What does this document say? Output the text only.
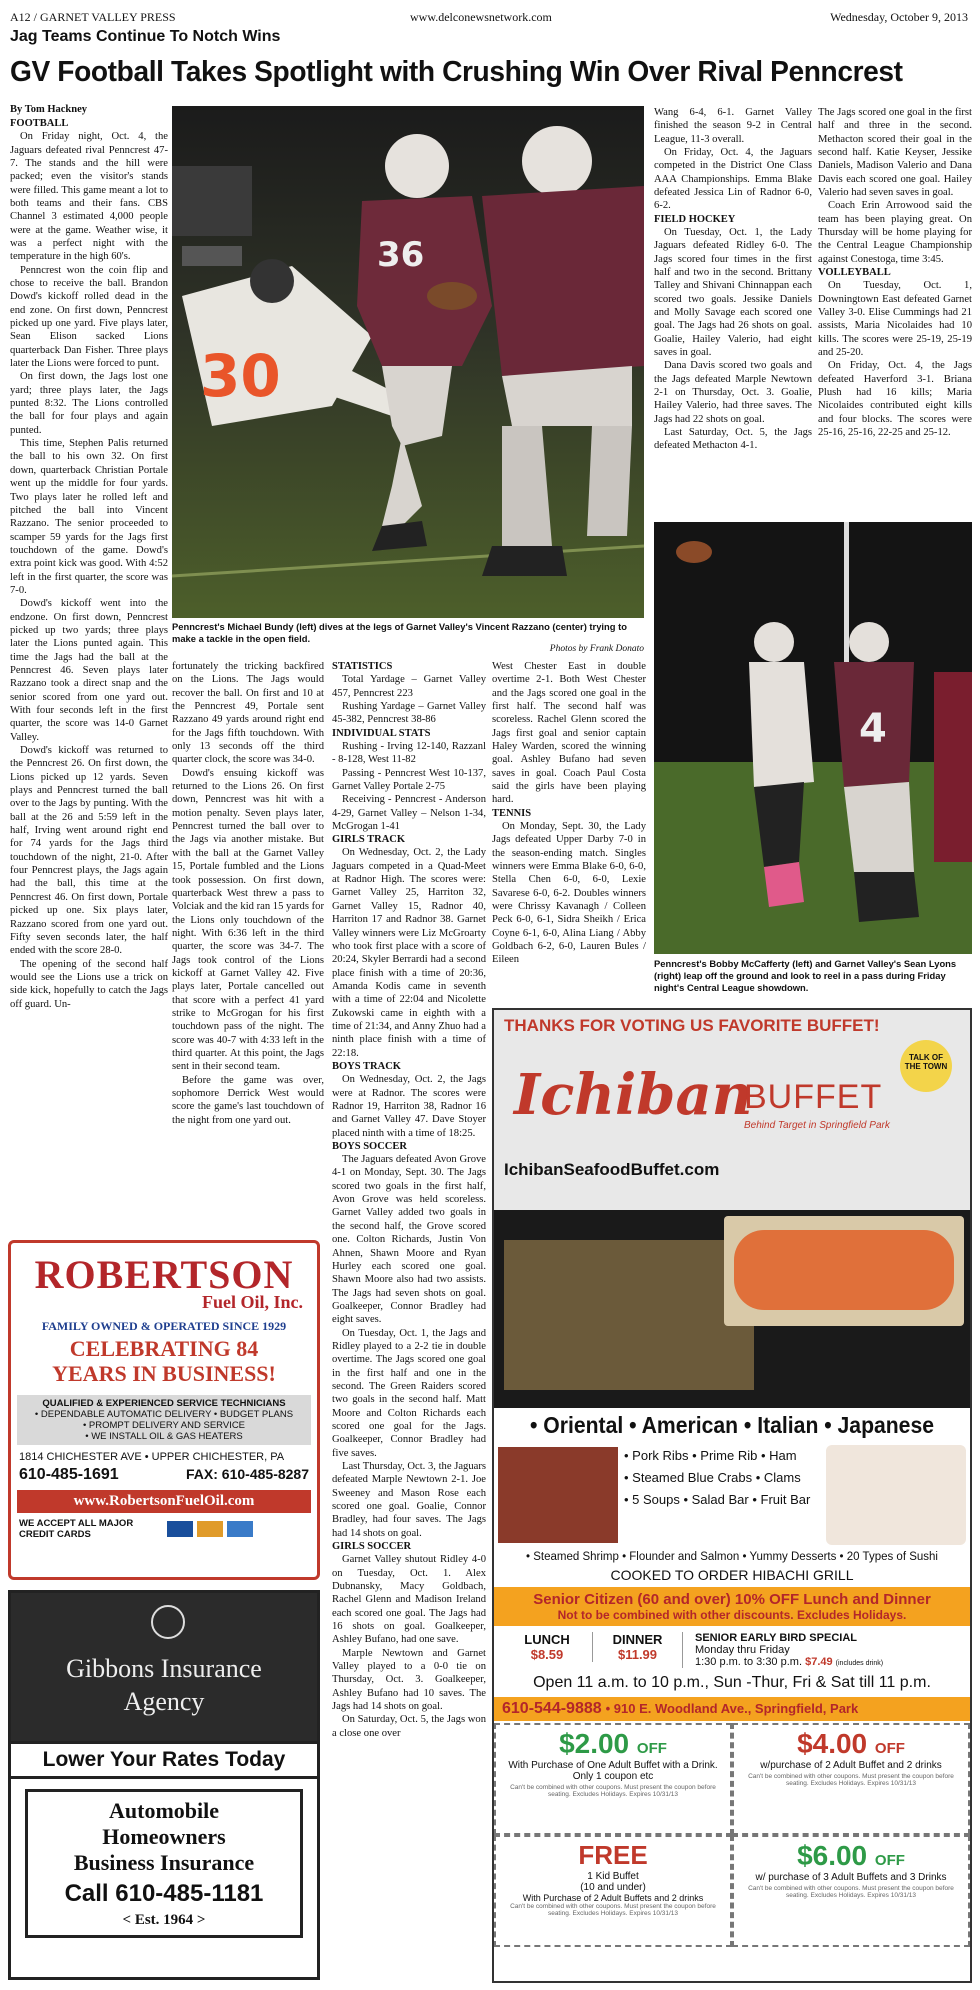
A12 / GARNET VALLEY PRESS	www.delconewsnetwork.com	Wednesday, October 9, 2013
Jag Teams Continue To Notch Wins
GV Football Takes Spotlight with Crushing Win Over Rival Penncrest
By Tom Hackney

FOOTBALL

On Friday night, Oct. 4, the Jaguars defeated rival Penncrest 47-7. The stands and the hill were packed; even the visitor's stands were filled. This game meant a lot to both teams and their fans. CBS Channel 3 estimated 4,000 people were at the game. Weather wise, it was a perfect night with the temperature in the high 60's.

Penncrest won the coin flip and chose to receive the ball. Brandon Dowd's kickoff rolled dead in the end zone. On first down, Penncrest picked up one yard. Five plays later, Sean Elison sacked Lions quarterback Dan Fisher. Three plays later the Lions were forced to punt.

On first down, the Jags lost one yard; three plays later, the Jags punted 8:32. The Lions controlled the ball for four plays and again punted.

This time, Stephen Palis returned the ball to his own 32. On first down, quarterback Christian Portale went up the middle for four yards. Two plays later he rolled left and pitched the ball into Vincent Razzano. The senior proceeded to scamper 59 yards for the Jags first touchdown of the game. Dowd's extra point kick was good. With 4:52 left in the first quarter, the score was 7-0.

Dowd's kickoff went into the endzone. On first down, Penncrest picked up two yards; three plays later the Lions punted again. This time the Jags had the ball at the Penncrest 46. Seven plays later Razzano took a direct snap and the senior scored from one yard out. With four seconds left in the first quarter, the score was 14-0 Garnet Valley.

Dowd's kickoff was returned to the Penncrest 26. On first down, the Lions picked up 12 yards. Seven plays and Penncrest turned the ball over to the Jags by punting. With the ball at the 26 and 5:59 left in the half, Irving went around right end for 74 yards for the Jags third touchdown of the night, 21-0. After four Penncrest plays, the Jags again had the ball, this time at the Penncrest 46. On first down, Portale picked up one. Six plays later, Razzano scored from one yard out. Fifty seven seconds later, the half ended with the score 28-0.

The opening of the second half would see the Lions use a trick on side kick, hopefully to catch the Jags off guard. Un-

30
36
Penncrest's Michael Bundy (left) dives at the legs of Garnet Valley's Vincent Razzano (center) trying to make a tackle in the open field.
Photos by Frank Donato

fortunately the tricking backfired on the Lions. The Jags would recover the ball. On first and 10 at the Penncrest 49, Portale sent Razzano 49 yards around right end for the Jags fifth touchdown. With only 13 seconds off the third quarter clock, the score was 34-0.

Dowd's ensuing kickoff was returned to the Lions 26. On first down, Penncrest was hit with a motion penalty. Seven plays later, Penncrest turned the ball over to the Jags via another mistake. But with the ball at the Garnet Valley 15, Portale fumbled and the Lions took possession. On first down, quarterback West threw a pass to Volciak and the kid ran 15 yards for the Lions only touchdown of the night. With 6:36 left in the third quarter, the score was 34-7. The Jags took control of the Lions kickoff at Garnet Valley 42. Five plays later, Portale cancelled out that score with a perfect 41 yard strike to McGrogan for his first touchdown pass of the night. The score was 40-7 with 4:33 left in the third quarter. At this point, the Jags sent in their second team.

Before the game was over, sophomore Derrick West would score the game's last touchdown of the night from one yard out.

STATISTICS

Total Yardage – Garnet Valley 457, Penncrest 223

Rushing Yardage – Garnet Valley 45-382, Penncrest 38-86

INDIVIDUAL STATS

Rushing - Irving 12-140, Razzanl - 8-128, West 11-82

Passing - Penncrest West 10-137, Garnet Valley Portale 2-75

Receiving - Penncrest - Anderson 4-29, Garnet Valley – Nelson 1-34, McGrogan 1-41

GIRLS TRACK

On Wednesday, Oct. 2, the Lady Jaguars competed in a Quad-Meet at Radnor High. The scores were: Garnet Valley 25, Harriton 32, Garnet Valley 15, Radnor 40, Harriton 17 and Radnor 38. Garnet Valley winners were Liz McGroarty who took first place with a score of 20:24, Skyler Berrardi had a second place finish with a time of 20:36, Amanda Kodis came in seventh with a time of 22:04 and Nicolette Zukowski came in eighth with a time of 21:34, and Anny Zhuo had a ninth place finish with a time of 22:18.

BOYS TRACK

On Wednesday, Oct. 2, the Jags were at Radnor. The scores were Radnor 19, Harriton 38, Radnor 16 and Garnet Valley 47. Dave Stoyer placed ninth with a time of 18:25.

BOYS SOCCER

The Jaguars defeated Avon Grove 4-1 on Monday, Sept. 30. The Jags scored two goals in the first half, Avon Grove was held scoreless. Garnet Valley added two goals in the second half, the Grove scored one. Colton Richards, Justin Von Ahnen, Shawn Moore and Ryan Hurley each scored one goal. Shawn Moore also had two assists. The Jags had seven shots on goal. Goalkeeper, Connor Bradley had eight saves.

On Tuesday, Oct. 1, the Jags and Ridley played to a 2-2 tie in double overtime. The Jags scored one goal in the first half and one in the second. The Green Raiders scored two goals in the second half. Matt Moore and Colton Richards each scored one goal for the Jags. Goalkeeper, Connor Bradley had five saves.

Last Thursday, Oct. 3, the Jaguars defeated Marple Newtown 2-1. Joe Sweeney and Mason Rose each scored one goal. Goalie, Connor Bradley, had four saves. The Jags had 14 shots on goal.

GIRLS SOCCER

Garnet Valley shutout Ridley 4-0 on Tuesday, Oct. 1. Alex Dubnansky, Macy Goldbach, Rachel Glenn and Madison Ireland each scored one goal. The Jags had 16 shots on goal. Goalkeeper, Ashley Bufano, had one save.

Marple Newtown and Garnet Valley played to a 0-0 tie on Thursday, Oct. 3. Goalkeeper, Ashley Bufano had 10 saves. The Jags had 14 shots on goal.

On Saturday, Oct. 5, the Jags won a close one over

West Chester East in double overtime 2-1. Both West Chester and the Jags scored one goal in the first half. The second half was scoreless. Rachel Glenn scored the Jags first goal and senior captain Haley Warden, scored the winning goal. Ashley Bufano had seven saves in goal. Coach Paul Costa said the girls have been playing hard.

TENNIS

On Monday, Sept. 30, the Lady Jags defeated Upper Darby 7-0 in the season-ending match. Singles winners were Emma Blake 6-0, 6-0, Stella Chen 6-0, 6-0, Lexie Savarese 6-0, 6-2. Doubles winners were Chrissy Kavanagh / Colleen Peck 6-0, 6-1, Sidra Sheikh / Erica Coyne 6-1, 6-0, Alina Liang / Abby Goldbach 6-2, 6-0, Lauren Bules / Eileen

Wang 6-4, 6-1. Garnet Valley finished the season 9-2 in Central League, 11-3 overall.

On Friday, Oct. 4, the Jaguars competed in the District One Class AAA Championships. Emma Blake defeated Jessica Lin of Radnor 6-0, 6-2.

FIELD HOCKEY

On Tuesday, Oct. 1, the Lady Jaguars defeated Ridley 6-0. The Jags scored four times in the first half and two in the second. Brittany Talley and Shivani Chinnappan each scored two goals. Jessike Daniels and Molly Savage each scored one goal. The Jags had 26 shots on goal. Goalie, Hailey Valerio, had eight saves in goal.

Dana Davis scored two goals and the Jags defeated Marple Newtown 2-1 on Thursday, Oct. 3. Goalie, Hailey Valerio, had three saves. The Jags had 22 shots on goal.

Last Saturday, Oct. 5, the Jags defeated Methacton 4-1.

The Jags scored one goal in the first half and three in the second. Methacton scored their goal in the second half. Katie Keyser, Jessike Daniels, Madison Valerio and Dana Davis each scored one goal. Hailey Valerio had seven saves in goal.

Coach Erin Arrowood said the team has been playing great. On Thursday will be home playing for the Central League Championship against Conestoga, time 3:45.

VOLLEYBALL

On Tuesday, Oct. 1, Downingtown East defeated Garnet Valley 3-0. Elise Cummings had 21 assists, Maria Nicolaides had 10 kills. The scores were 25-19, 25-19 and 25-20.

On Friday, Oct. 4, the Jags defeated Haverford 3-1. Briana Plush had 16 kills; Maria Nicolaides contributed eight kills and four blocks. The scores were 25-16, 25-16, 22-25 and 25-12.

4
Penncrest's Bobby McCafferty (left) and Garnet Valley's Sean Lyons (right) leap off the ground and look to reel in a pass during Friday night's Central League showdown.
ROBERTSON
Fuel Oil, Inc.
FAMILY OWNED & OPERATED SINCE 1929
CELEBRATING 84 YEARS IN BUSINESS!
QUALIFIED & EXPERIENCED SERVICE TECHNICIANS
• DEPENDABLE AUTOMATIC DELIVERY • BUDGET PLANS
• PROMPT DELIVERY AND SERVICE
• WE INSTALL OIL & GAS HEATERS
1814 CHICHESTER AVE • UPPER CHICHESTER, PA
610-485-1691	FAX: 610-485-8287
www.RobertsonFuelOil.com
WE ACCEPT ALL MAJOR CREDIT CARDS
Gibbons Insurance Agency
Lower Your Rates Today
Automobile
Homeowners
Business Insurance
Call 610-485-1181
< Est. 1964 >
THANKS FOR VOTING US FAVORITE BUFFET!
TALK OF THE TOWN
Ichiban
BUFFET
Behind Target in Springfield Park
IchibanSeafoodBuffet.com
• Oriental • American • Italian • Japanese
• Pork Ribs • Prime Rib • Ham
• Steamed Blue Crabs • Clams
• 5 Soups • Salad Bar • Fruit Bar
• Steamed Shrimp • Flounder and Salmon • Yummy Desserts • 20 Types of Sushi
COOKED TO ORDER HIBACHI GRILL
Senior Citizen (60 and over) 10% OFF Lunch and Dinner
Not to be combined with other discounts. Excludes Holidays.
LUNCH
$8.59
DINNER
$11.99
SENIOR EARLY BIRD SPECIAL
Monday thru Friday
1:30 p.m. to 3:30 p.m. $7.49 (includes drink)
Open 11 a.m. to 10 p.m., Sun -Thur, Fri & Sat till 11 p.m.
610-544-9888 • 910 E. Woodland Ave., Springfield, Park
$2.00 OFF
With Purchase of One Adult Buffet with a Drink.
Only 1 coupon etc
Can't be combined with other coupons. Must present the coupon before seating. Excludes Holidays. Expires 10/31/13
$4.00 OFF
w/purchase of 2 Adult Buffet and 2 drinks
Can't be combined with other coupons. Must present the coupon before seating. Excludes Holidays. Expires 10/31/13
FREE
1 Kid Buffet
(10 and under)
With Purchase of 2 Adult Buffets and 2 drinks
Can't be combined with other coupons. Must present the coupon before seating. Excludes Holidays. Expires 10/31/13
$6.00 OFF
w/ purchase of 3 Adult Buffets and 3 Drinks
Can't be combined with other coupons. Must present the coupon before seating. Excludes Holidays. Expires 10/31/13
